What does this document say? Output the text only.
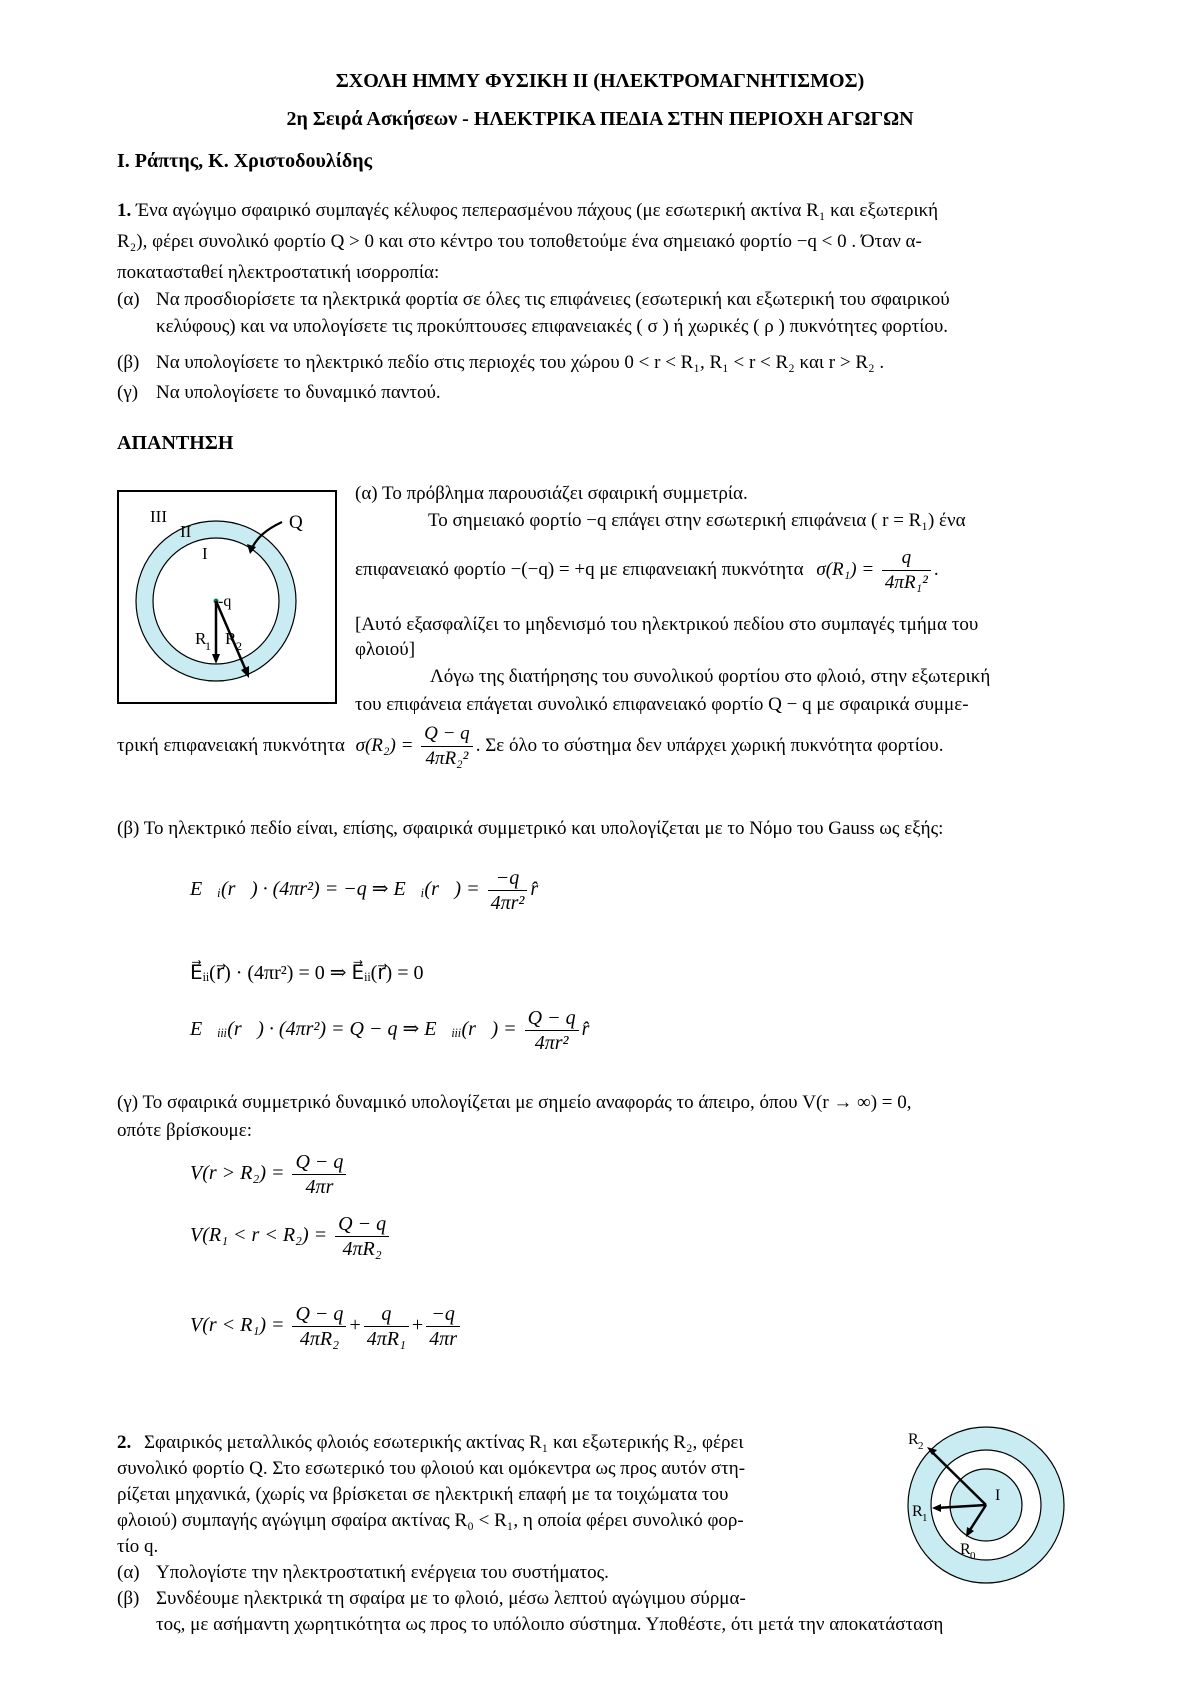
ΣΧΟΛΗ ΗΜΜΥ ΦΥΣΙΚΗ ΙΙ (ΗΛΕΚΤΡΟΜΑΓΝΗΤΙΣΜΟΣ)
2η Σειρά Ασκήσεων - ΗΛΕΚΤΡΙΚΑ ΠΕΔΙΑ ΣΤΗΝ ΠΕΡΙΟΧΗ ΑΓΩΓΩΝ
Ι. Ράπτης, Κ. Χριστοδουλίδης
1. Ένα αγώγιμο σφαιρικό συμπαγές κέλυφος πεπερασμένου πάχους (με εσωτερική ακτίνα R₁ και εξωτερική
R₂), φέρει συνολικό φορτίο Q > 0 και στο κέντρο του τοποθετούμε ένα σημειακό φορτίο −q < 0 . Όταν α-
ποκατασταθεί ηλεκτροστατική ισορροπία:
(α) Να προσδιορίσετε τα ηλεκτρικά φορτία σε όλες τις επιφάνειες (εσωτερική και εξωτερική του σφαιρικού
κελύφους) και να υπολογίσετε τις προκύπτουσες επιφανειακές ( σ ) ή χωρικές ( ρ ) πυκνότητες φορτίου.
(β) Να υπολογίσετε το ηλεκτρικό πεδίο στις περιοχές του χώρου 0 < r < R₁, R₁ < r < R₂ και r > R₂ .
(γ) Να υπολογίσετε το δυναμικό παντού.
ΑΠΑΝΤΗΣΗ
III
II
I
Q
-q
R
1 R 2
(α) Το πρόβλημα παρουσιάζει σφαιρική συμμετρία.
Το σημειακό φορτίο −q επάγει στην εσωτερική επιφάνεια ( r = R₁) ένα
επιφανειακό φορτίο −(−q) = +q με επιφανειακή πυκνότητα $\sigma(R_1) = \frac{q}{\text{4πR₁²}}$ .
[Αυτό εξασφαλίζει το μηδενισμό του ηλεκτρικού πεδίου στο συμπαγές τμήμα του
φλοιού]
Λόγω της διατήρησης του συνολικού φορτίου στο φλοιό, στην εξωτερική
του επιφάνεια επάγεται συνολικό επιφανειακό φορτίο Q − q με σφαιρικά συμμε-
τρική επιφανειακή πυκνότητα $\sigma(R_2) = \frac{Q - q}{\text{4πR₂²}}$ . Σε όλο το σύστημα δεν υπάρχει χωρική πυκνότητα φορτίου.
(β) Το ηλεκτρικό πεδίο είναι, επίσης, σφαιρικά συμμετρικό και υπολογίζεται με το Νόμο του Gauss ως εξής:
E⃗ᵢ(r⃗) · (4πr²) = −q ⇒ E⃗ᵢ(r⃗) = $\frac{-q}{\text{4πr²}}$ r̂
E⃗ᵢᵢ(r⃗) · (4πr²) = 0 ⇒ E⃗ᵢᵢ(r⃗) = 0
E⃗ᵢᵢᵢ(r⃗) · (4πr²) = Q − q ⇒ E⃗ᵢᵢᵢ(r⃗) = $\frac{Q - q}{\text{4πr²}}$ r̂
(γ) Το σφαιρικά συμμετρικό δυναμικό υπολογίζεται με σημείο αναφοράς το άπειρο, όπου V(r → ∞) = 0,
οπότε βρίσκουμε:
$V(r > R_2) = \frac{Q - q}{4\pi r}$
$V(R_1 < r < R_2) = \frac{Q - q}{\text{4πR₂}}$
$V(r < R_1) = \frac{Q - q}{\text{4πR₂}} + \frac{q}{\text{4πR₁}} + \frac{-q}{4\pi r}$
2. Σφαιρικός μεταλλικός φλοιός εσωτερικής ακτίνας R₁ και εξωτερικής R₂, φέρει
συνολικό φορτίο Q. Στο εσωτερικό του φλοιού και ομόκεντρα ως προς αυτόν στη-
ρίζεται μηχανικά, (χωρίς να βρίσκεται σε ηλεκτρική επαφή με τα τοιχώματα του
φλοιού) συμπαγής αγώγιμη σφαίρα ακτίνας R₀ < R₁, η οποία φέρει συνολικό φορ-
τίο q.
(α) Υπολογίστε την ηλεκτροστατική ενέργεια του συστήματος.
(β) Συνδέουμε ηλεκτρικά τη σφαίρα με το φλοιό, μέσω λεπτού αγώγιμου σύρμα-
τος, με ασήμαντη χωρητικότητα ως προς το υπόλοιπο σύστημα. Υποθέστε, ότι μετά την αποκατάσταση
R 2
R 1
R 0
I
